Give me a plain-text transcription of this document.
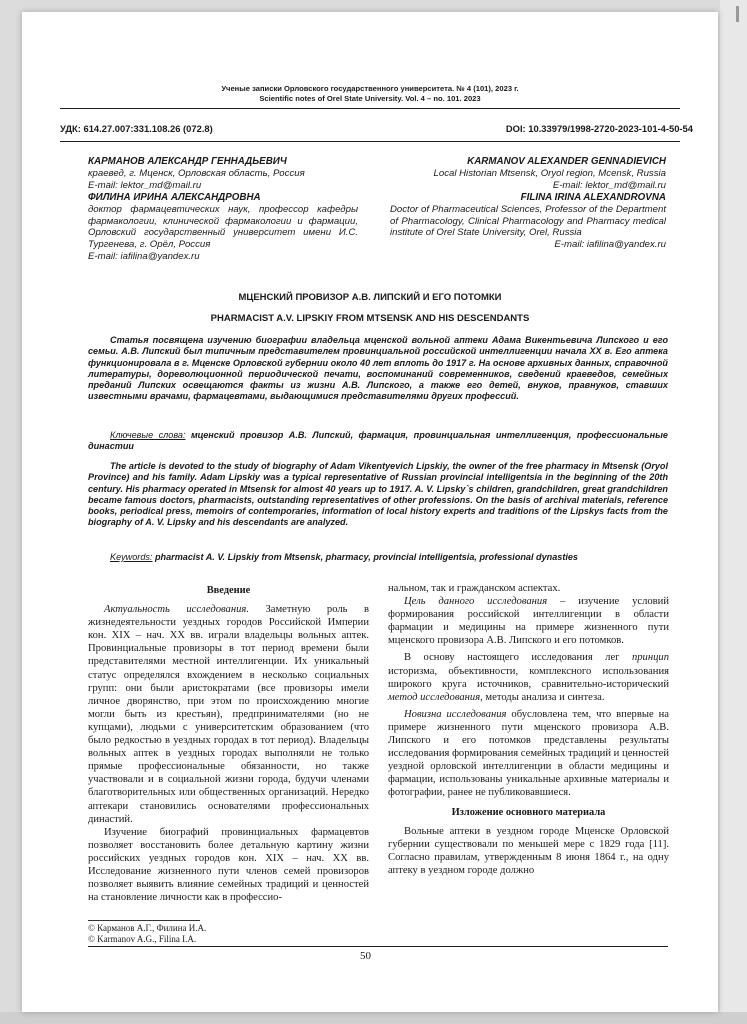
Ученые записки Орловского государственного университета. № 4 (101), 2023 г.
Scientific notes of Orel State University. Vol. 4 – no. 101. 2023
УДК: 614.27.007:331.108.26 (072.8)	DOI: 10.33979/1998-2720-2023-101-4-50-54
КАРМАНОВ АЛЕКСАНДР ГЕННАДЬЕВИЧ
краевед, г. Мценск, Орловская область, Россия
E-mail: lektor_md@mail.ru
ФИЛИНА ИРИНА АЛЕКСАНДРОВНА
доктор фармацевтических наук, профессор кафедры фармакологии, клинической фармакологии и фармации, Орловский государственный университет имени И.С. Тургенева, г. Орёл, Россия
E-mail: iafilina@yandex.ru
KARMANOV ALEXANDER GENNADIEVICH
Local Historian Mtsensk, Oryol region, Mcensk, Russia
E-mail: lektor_md@mail.ru
FILINA IRINA ALEXANDROVNA
Doctor of Pharmaceutical Sciences, Professor of the Department of Pharmacology, Clinical Pharmacology and Pharmacy medical institute of Orel State University, Orel, Russia
E-mail: iafilina@yandex.ru
МЦЕНСКИЙ ПРОВИЗОР А.В. ЛИПСКИЙ И ЕГО ПОТОМКИ
PHARMACIST A.V. LIPSKIY FROM MTSENSK AND HIS DESCENDANTS
Статья посвящена изучению биографии владельца мценской вольной аптеки Адама Викентьевича Липского и его семьи. А.В. Липский был типичным представителем провинциальной российской интеллигенции начала XX в. Его аптека функционировала в г. Мценске Орловской губернии около 40 лет вплоть до 1917 г. На основе архивных данных, справочной литературы, дореволюционной периодической печати, воспоминаний современников, сведений краеведов, семейных преданий Липских освещаются факты из жизни А.В. Липского, а также его детей, внуков, правнуков, ставших известными врачами, фармацевтами, выдающимися представителями других профессий.
Ключевые слова: мценский провизор А.В. Липский, фармация, провинциальная интеллигенция, профессиональные династии
The article is devoted to the study of biography of Adam Vikentyevich Lipskiy, the owner of the free pharmacy in Mtsensk (Oryol Province) and his family. Adam Lipskiy was a typical representative of Russian provincial intelligentsia in the beginning of the 20th century. His pharmacy operated in Mtsensk for almost 40 years up to 1917. A. V. Lipsky`s children, grandchildren, great grandchildren became famous doctors, pharmacists, outstanding representatives of other professions. On the basis of archival materials, reference books, periodical press, memoirs of contemporaries, information of local history experts and traditions of the Lipskys facts from the biography of A. V. Lipsky and his descendants are analyzed.
Keywords: pharmacist A. V. Lipskiy from Mtsensk, pharmacy, provincial intelligentsia, professional dynasties
Введение

Актуальность исследования. Заметную роль в жизнедеятельности уездных городов Российской Империи кон. XIX – нач. XX вв. играли владельцы вольных аптек. Провинциальные провизоры в тот период времени были представителями местной интеллигенции. Их уникальный статус определялся вхождением в несколько социальных групп: они были аристократами (все провизоры имели личное дворянство, при этом по происхождению многие могли быть из крестьян), предпринимателями (но не купцами), людьми с университетским образованием (что было редкостью в уездных городах в тот период). Владельцы вольных аптек в уездных городах выполняли не только прямые профессиональные обязанности, но также участвовали и в социальной жизни города, будучи членами благотворительных или общественных организаций. Нередко аптекари становились основателями профессиональных династий.

Изучение биографий провинциальных фармацевтов позволяет восстановить более детальную картину жизни российских уездных городов кон. XIX – нач. XX вв. Исследование жизненного пути членов семей провизоров позволяет выявить влияние семейных традиций и ценностей на становление личности как в профессио-

нальном, так и гражданском аспектах.

Цель данного исследования – изучение условий формирования российской интеллигенции в области фармации и медицины на примере жизненного пути мценского провизора А.В. Липского и его потомков.

В основу настоящего исследования лег принцип историзма, объективности, комплексного использования широкого круга источников, сравнительно-исторический метод исследования, методы анализа и синтеза.

Новизна исследования обусловлена тем, что впервые на примере жизненного пути мценского провизора А.В. Липского и его потомков представлены результаты исследования формирования семейных традиций и ценностей уездной орловской интеллигенции в области медицины и фармации, использованы уникальные архивные материалы и фотографии, ранее не публиковавшиеся.

Изложение основного материала

Вольные аптеки в уездном городе Мценске Орловской губернии существовали по меньшей мере с 1829 года [11]. Согласно правилам, утвержденным 8 июня 1864 г., на одну аптеку в уездном городе должно

© Карманов А.Г., Филина И.А.
© Karmanov A.G., Filina I.A.
50
